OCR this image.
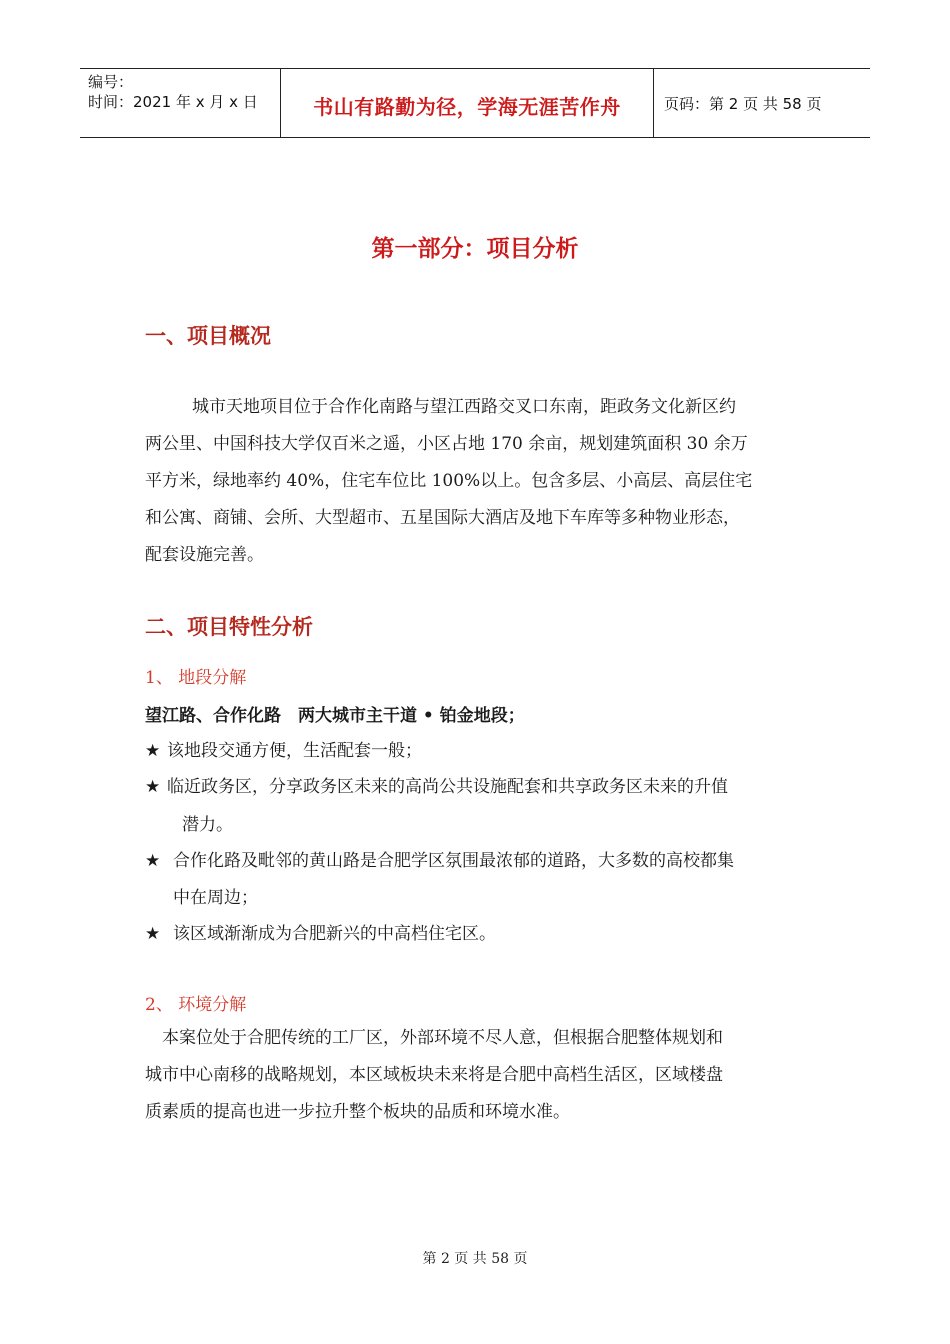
编号：
时间：2021 年 x 月 x 日	书山有路勤为径，学海无涯苦作舟	页码：第 2 页 共 58 页
第一部分：项目分析
一、项目概况
城市天地项目位于合作化南路与望江西路交叉口东南，距政务文化新区约
两公里、中国科技大学仅百米之遥，小区占地 170 余亩，规划建筑面积 30 余万
平方米，绿地率约 40%，住宅车位比 100%以上。包含多层、小高层、高层住宅
和公寓、商铺、会所、大型超市、五星国际大酒店及地下车库等多种物业形态，
配套设施完善。
二、项目特性分析
1、 地段分解
望江路、合作化路　两大城市主干道 • 铂金地段；
★ 该地段交通方便，生活配套一般；
★ 临近政务区，分享政务区未来的高尚公共设施配套和共享政务区未来的升值
潜力。
★ 合作化路及毗邻的黄山路是合肥学区氛围最浓郁的道路，大多数的高校都集
中在周边；
★ 该区域渐渐成为合肥新兴的中高档住宅区。
2、 环境分解
本案位处于合肥传统的工厂区，外部环境不尽人意，但根据合肥整体规划和
城市中心南移的战略规划，本区域板块未来将是合肥中高档生活区，区域楼盘
质素质的提高也进一步拉升整个板块的品质和环境水准。
第 2 页 共 58 页
